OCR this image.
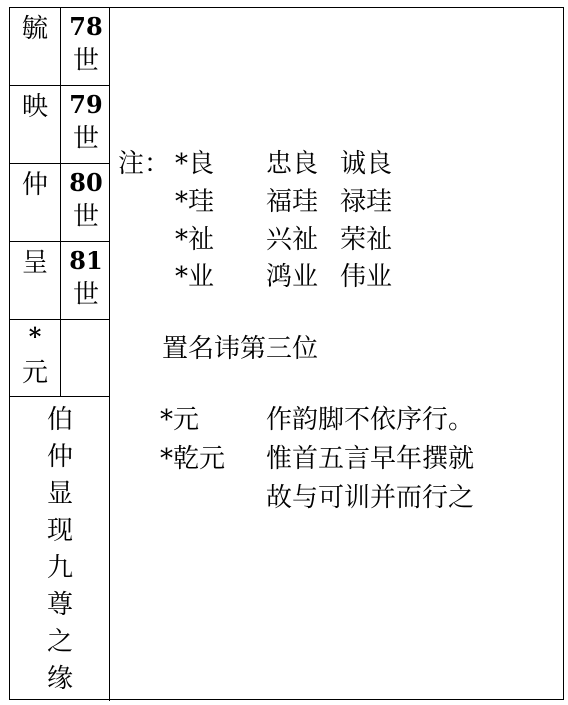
毓 78
世
映 79
世
仲 80
世
呈 81
世
*
元
伯
仲
显
现
九
尊
之
缘
注： *良 忠良 诚良
*珪 福珪 禄珪
*祉 兴祉 荣祉
*业 鸿业 伟业
置名讳第三位
*元	作韵脚不依序行。
*乾元 惟首五言早年撰就
故与可训并而行之
